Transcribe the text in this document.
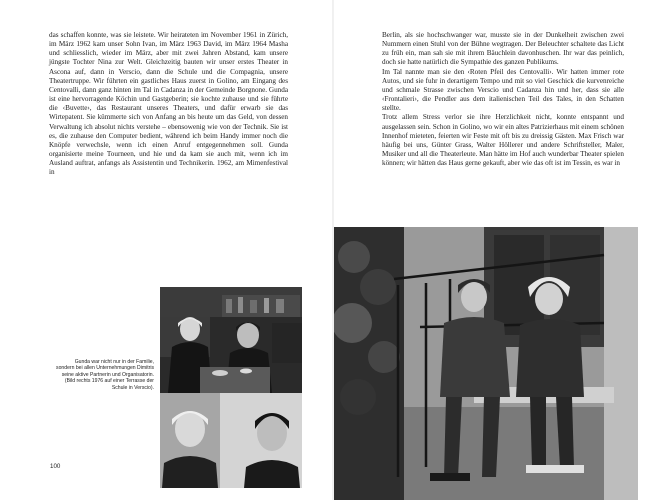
das schaffen konnte, was sie leistete. Wir heirateten im November 1961 in Zürich, im März 1962 kam unser Sohn Ivan, im März 1963 David, im März 1964 Masha und schliesslich, wieder im März, aber mit zwei Jahren Abstand, kam unsere jüngste Tochter Nina zur Welt. Gleichzeitig bauten wir unser erstes Theater in Ascona auf, dann in Verscio, dann die Schule und die Compagnia, unsere Theatertruppe. Wir führten ein gastliches Haus zuerst in Golino, am Eingang des Centovalli, dann ganz hinten im Tal in Cadanza in der Gemeinde Borgnone. Gunda ist eine hervorragende Köchin und Gastgeberin; sie kochte zuhause und sie führte die ‹Buvette›, das Restaurant unseres Theaters, und dafür erwarb sie das Wirtepatent. Sie kümmerte sich von Anfang an bis heute um das Geld, von dessen Verwaltung ich absolut nichts verstehe – ebensowenig wie von der Technik. Sie ist es, die zuhause den Computer bedient, während ich beim Handy immer noch die Knöpfe verwechsle, wenn ich einen Anruf entgegennehmen soll. Gunda organisierte meine Tourneen, und hie und da kam sie auch mit, wenn ich im Ausland auftrat, anfangs als Assistentin und Technikerin. 1962, am Mimenfestival in

Gunda war nicht nur in der Familie, sondern bei allen Unternehmungen Dimitris seine aktive Partnerin und Organisatorin. (Bild rechts 1976 auf einer Terrasse der Schule in Verscio).
100

Berlin, als sie hochschwanger war, musste sie in der Dunkelheit zwischen zwei Nummern einen Stuhl von der Bühne wegtragen. Der Beleuchter schaltete das Licht zu früh ein, man sah sie mit ihrem Bäuchlein davonhuschen. Ihr war das peinlich, doch sie hatte natürlich die Sympathie des ganzen Publikums.

Im Tal nannte man sie den ‹Roten Pfeil des Centovalli›. Wir hatten immer rote Autos, und sie fuhr in derartigem Tempo und mit so viel Geschick die kurvenreiche und schmale Strasse zwischen Verscio und Cadanza hin und her, dass sie alle ‹Frontalieri›, die Pendler aus dem italienischen Teil des Tales, in den Schatten stellte.

Trotz allem Stress verlor sie ihre Herzlichkeit nicht, konnte entspannt und ausgelassen sein. Schon in Golino, wo wir ein altes Patrizierhaus mit einem schönen Innenhof mieteten, feierten wir Feste mit oft bis zu dreissig Gästen. Max Frisch war häufig bei uns, Günter Grass, Walter Höllerer und andere Schriftsteller, Maler, Musiker und all die Theaterleute. Man hätte im Hof auch wunderbar Theater spielen können; wir hätten das Haus gerne gekauft, aber wie das oft ist im Tessin, es war in
